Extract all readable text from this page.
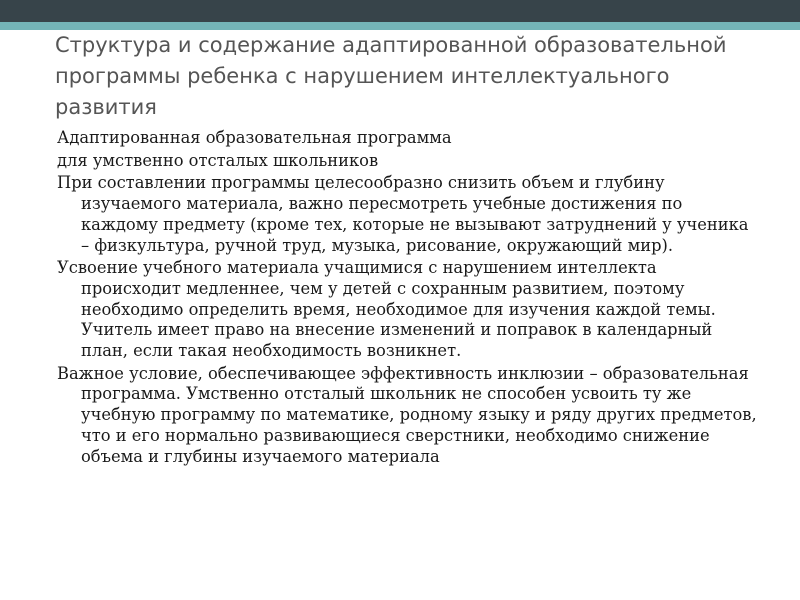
Структура и содержание адаптированной образовательной программы ребенка с нарушением интеллектуального развития

Адаптированная образовательная программа

для умственно отсталых школьников

При составлении программы целесообразно снизить объем и глубину изучаемого материала, важно пересмотреть учебные достижения по каждому предмету (кроме тех, которые не вызывают затруднений у ученика – физкультура, ручной труд, музыка, рисование, окружающий мир).

Усвоение учебного материала учащимися с нарушением интеллекта происходит медленнее, чем у детей с сохранным развитием, поэтому необходимо определить время, необходимое для изучения каждой темы. Учитель имеет право на внесение изменений и поправок в календарный план, если такая необходимость возникнет.

Важное условие, обеспечивающее эффективность инклюзии – образовательная программа. Умственно отсталый школьник не способен усвоить ту же учебную программу по математике, родному языку и ряду других предметов, что и его нормально развивающиеся сверстники, необходимо снижение объема и глубины изучаемого материала
